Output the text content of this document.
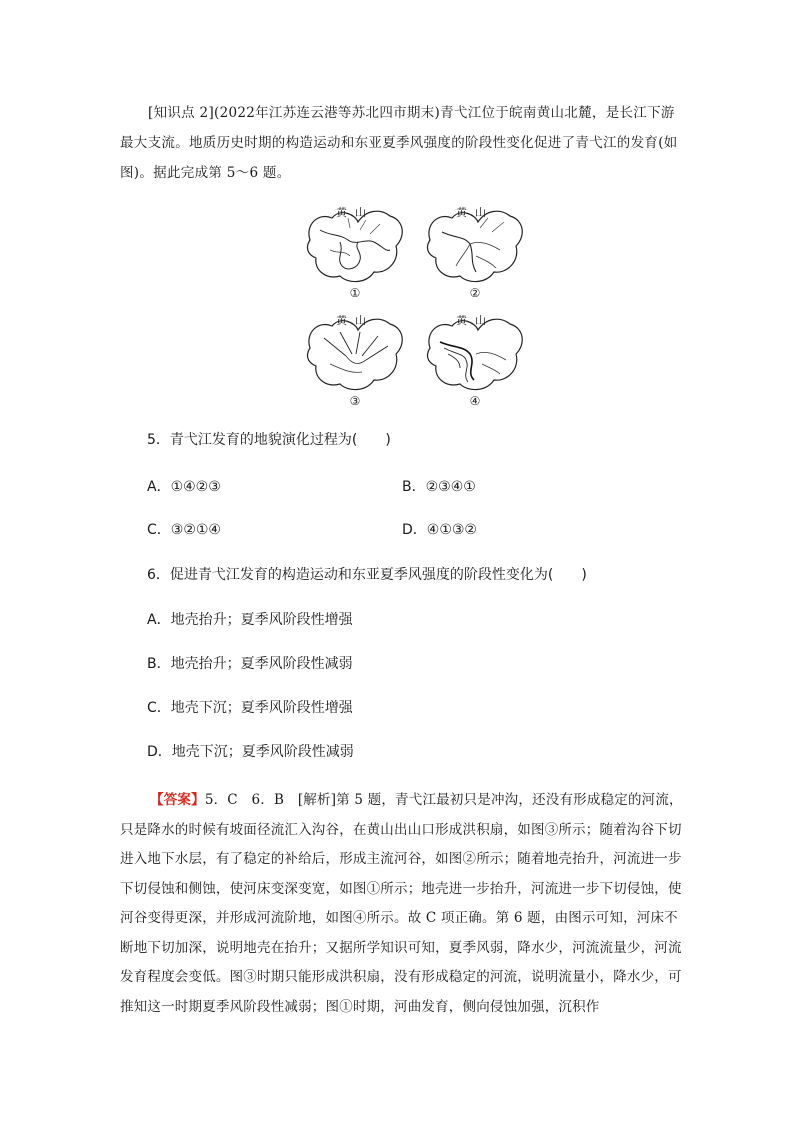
[知识点 2](2022年江苏连云港等苏北四市期末)青弋江位于皖南黄山北麓，是长江下游最大支流。地质历史时期的构造运动和东亚夏季风强度的阶段性变化促进了青弋江的发育(如图)。据此完成第 5～6 题。
黄山
①
黄山
②
黄山
③
黄山
④
5．青弋江发育的地貌演化过程为(　　)
A．①④②③	B．②③④①
C．③②①④	D．④①③②
6．促进青弋江发育的构造运动和东亚夏季风强度的阶段性变化为(　　)
A．地壳抬升；夏季风阶段性增强
B．地壳抬升；夏季风阶段性减弱
C．地壳下沉；夏季风阶段性增强
D．地壳下沉；夏季风阶段性减弱
【答案】5．C　6．B　[解析]第 5 题，青弋江最初只是冲沟，还没有形成稳定的河流，只是降水的时候有坡面径流汇入沟谷，在黄山出山口形成洪积扇，如图③所示；随着沟谷下切进入地下水层，有了稳定的补给后，形成主流河谷，如图②所示；随着地壳抬升，河流进一步下切侵蚀和侧蚀，使河床变深变宽，如图①所示；地壳进一步抬升，河流进一步下切侵蚀，使河谷变得更深，并形成河流阶地，如图④所示。故 C 项正确。第 6 题，由图示可知，河床不断地下切加深，说明地壳在抬升；又据所学知识可知，夏季风弱，降水少，河流流量少，河流发育程度会变低。图③时期只能形成洪积扇，没有形成稳定的河流，说明流量小，降水少，可推知这一时期夏季风阶段性减弱；图①时期，河曲发育，侧向侵蚀加强，沉积作
